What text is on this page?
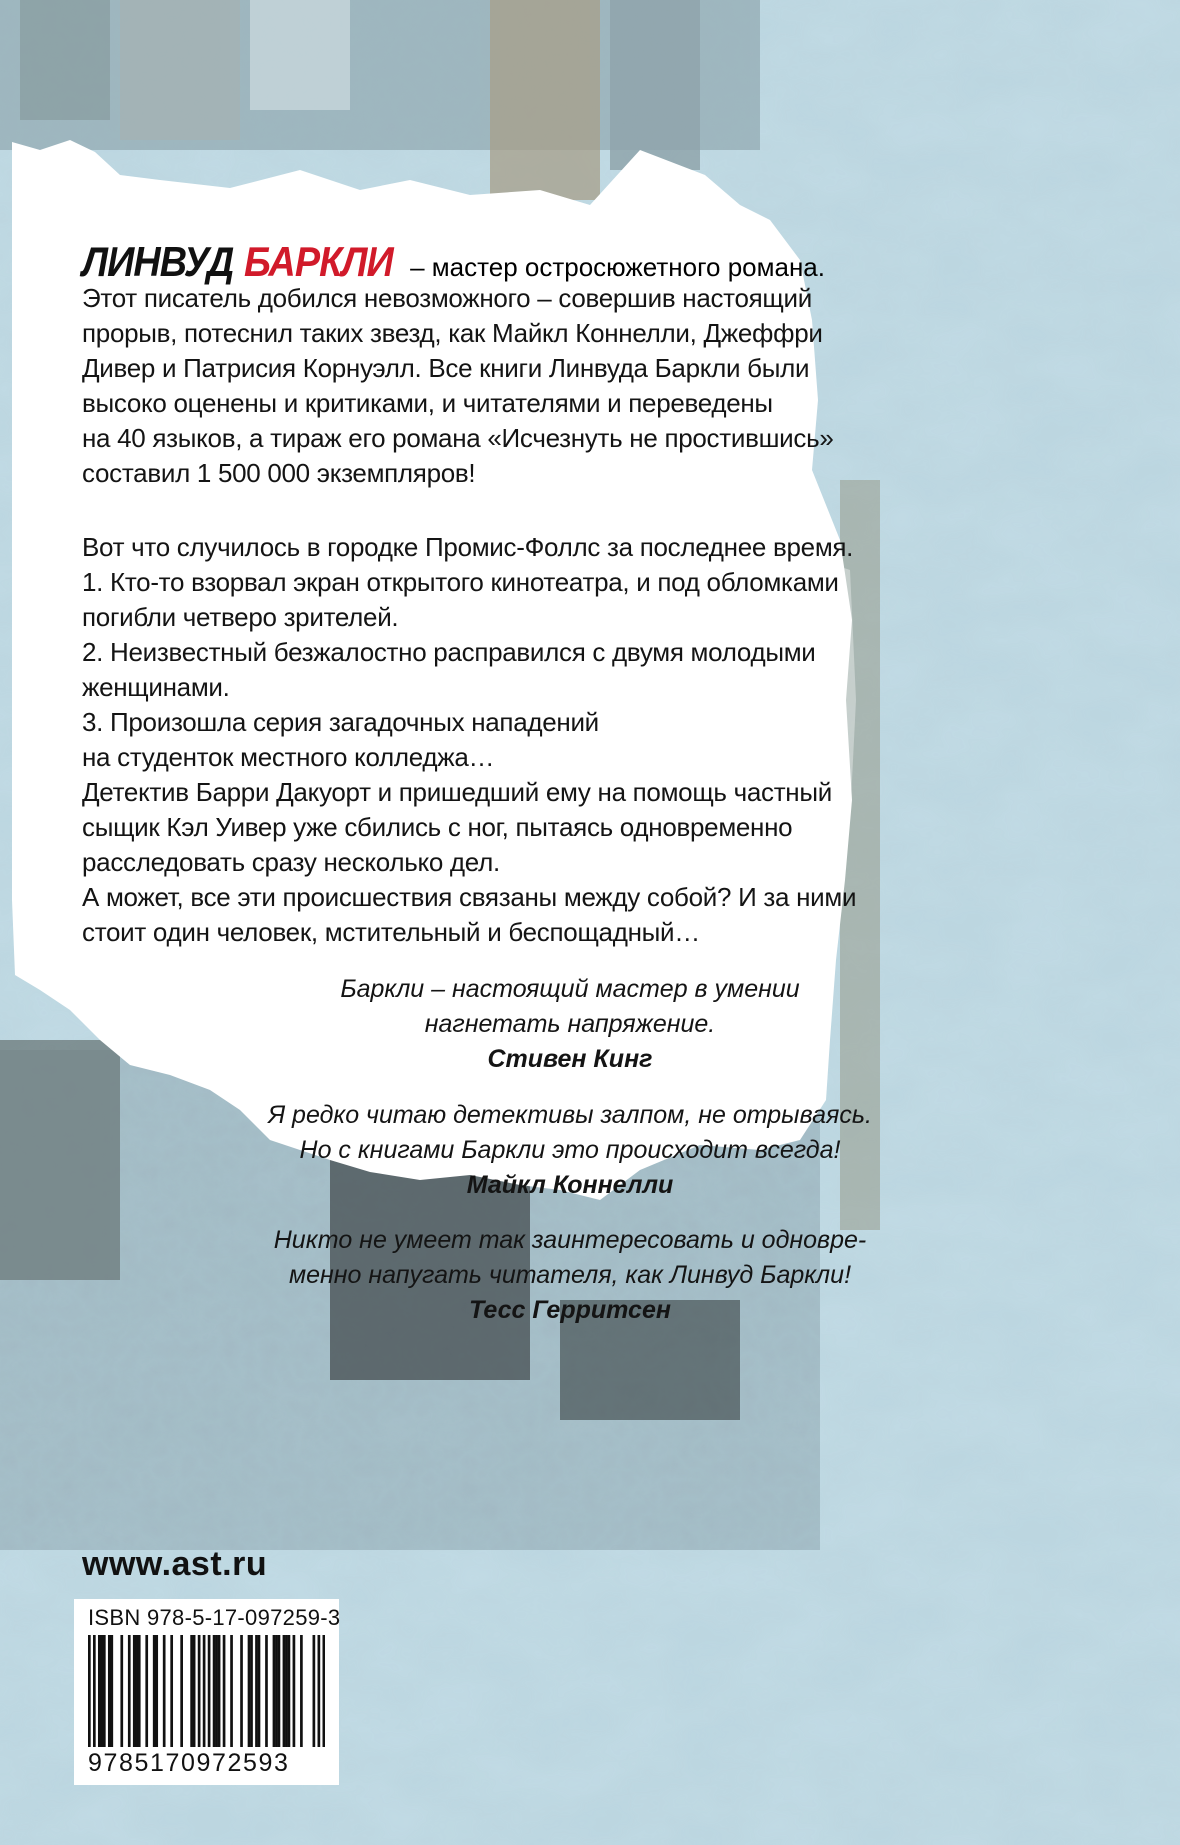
ЛИНВУД БАРКЛИ – мастер остросюжетного романа.
Этот писатель добился невозможного – совершив настоящий
прорыв, потеснил таких звезд, как Майкл Коннелли, Джеффри
Дивер и Патрисия Корнуэлл. Все книги Линвуда Баркли были
высоко оценены и критиками, и читателями и переведены
на 40 языков, а тираж его романа «Исчезнуть не простившись»
составил 1 500 000 экземпляров!
Вот что случилось в городке Промис-Фоллс за последнее время.
1. Кто-то взорвал экран открытого кинотеатра, и под обломками
погибли четверо зрителей.
2. Неизвестный безжалостно расправился с двумя молодыми
женщинами.
3. Произошла серия загадочных нападений
на студенток местного колледжа…
Детектив Барри Дакуорт и пришедший ему на помощь частный
сыщик Кэл Уивер уже сбились с ног, пытаясь одновременно
расследовать сразу несколько дел.
А может, все эти происшествия связаны между собой? И за ними
стоит один человек, мстительный и беспощадный…
Баркли – настоящий мастер в умении
нагнетать напряжение.
Стивен Кинг
Я редко читаю детективы залпом, не отрываясь.
Но с книгами Баркли это происходит всегда!
Майкл Коннелли
Никто не умеет так заинтересовать и одновре-
менно напугать читателя, как Линвуд Баркли!
Тесс Герритсен
www.ast.ru
ISBN 978-5-17-097259-3
9785170972593
